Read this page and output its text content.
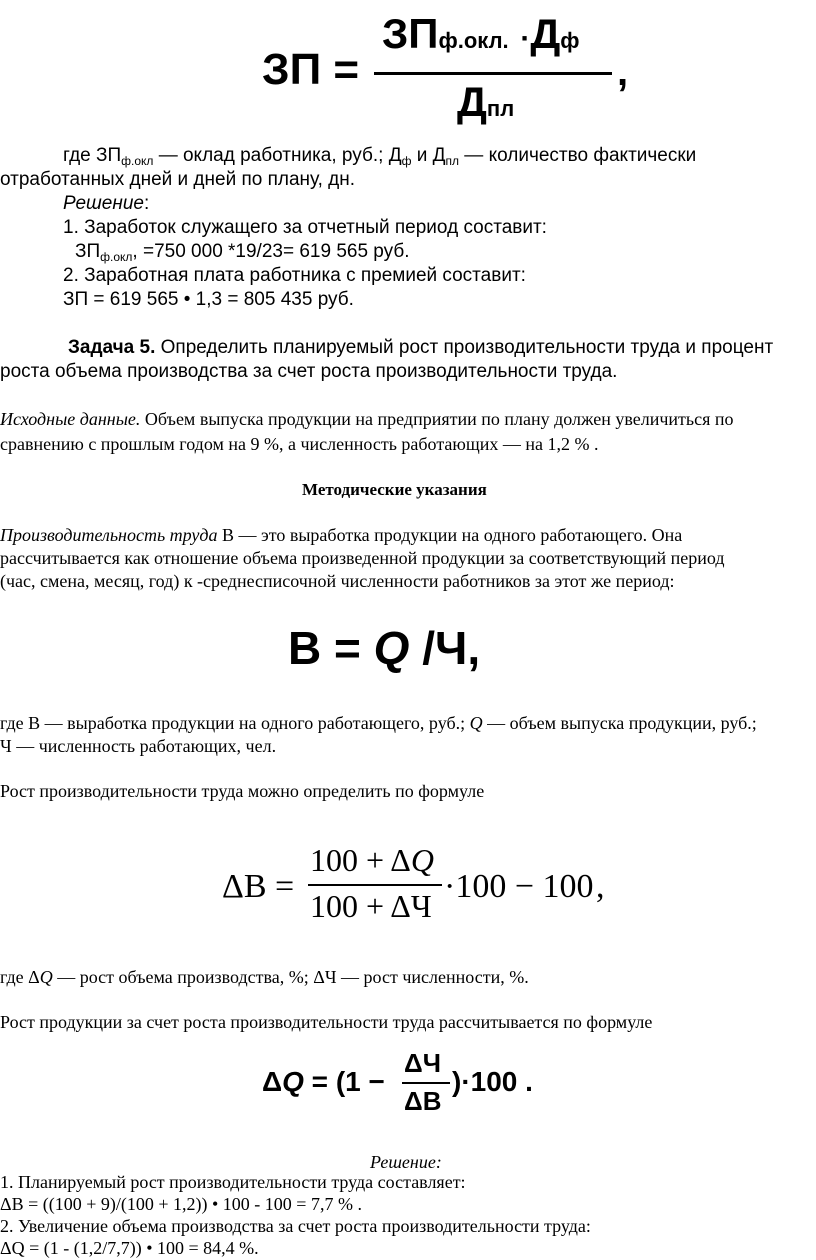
ЗП =
ЗПф.окл. ·Дф
Дпл
,
где $ЗП_{ф.окл}$ — оклад работника, руб.; $Д_ф$ и $Д_{пл}$ — количество фактически
отработанных дней и дней по плану, дн.
Решение:
1. Заработок служащего за отчетный период составит:
$ЗП_{ф.окл}$, =750 000 *19/23= 619 565 руб.
2. Заработная плата работника с премией составит:
ЗП = 619 565 • 1,3 = 805 435 руб.
Задача 5. Определить планируемый рост производительности труда и процент
роста объема производства за счет роста производительности труда.
Исходные данные. Объем выпуска продукции на предприятии по плану должен увеличиться по
сравнению с прошлым годом на 9 %, а численность работающих — на 1,2 % .
Методические указания
Производительность труда В — это выработка продукции на одного работающего. Она
рассчитывается как отношение объема произведенной продукции за соответствующий период
(час, смена, месяц, год) к -среднесписочной численности работников за этот же период:
В = Q /Ч,
где В — выработка продукции на одного работающего, руб.; Q — объем выпуска продукции, руб.;
Ч — численность работающих, чел.
Рост производительности труда можно определить по формуле
ΔВ =
100 + ΔQ
100 + ΔЧ
·100 − 100 ,
где ΔQ — рост объема производства, %; ΔЧ — рост численности, %.
Рост продукции за счет роста производительности труда рассчитывается по формуле
ΔQ = (1 −
ΔЧ
ΔВ
)·100 .
Решение:
1. Планируемый рост производительности труда составляет:
ΔВ = ((100 + 9)/(100 + 1,2)) • 100 - 100 = 7,7 % .
2. Увеличение объема производства за счет роста производительности труда:
ΔQ = (1 - (1,2/7,7)) • 100 = 84,4 %.
